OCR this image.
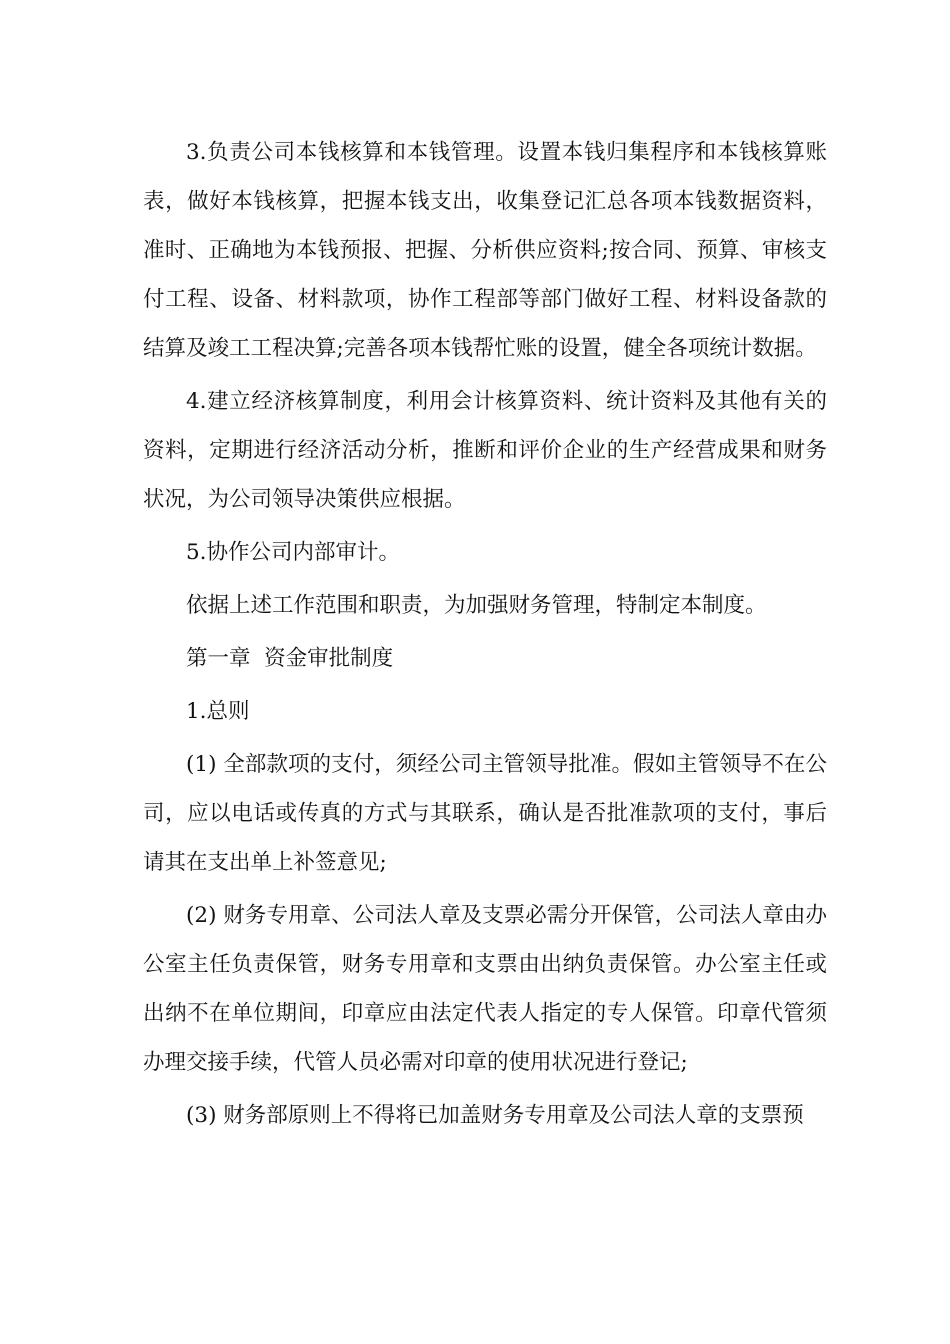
3.负责公司本钱核算和本钱管理。设置本钱归集程序和本钱核算账表，做好本钱核算，把握本钱支出，收集登记汇总各项本钱数据资料，准时、正确地为本钱预报、把握、分析供应资料;按合同、预算、审核支付工程、设备、材料款项，协作工程部等部门做好工程、材料设备款的结算及竣工工程决算;完善各项本钱帮忙账的设置，健全各项统计数据。

4.建立经济核算制度，利用会计核算资料、统计资料及其他有关的资料，定期进行经济活动分析，推断和评价企业的生产经营成果和财务状况，为公司领导决策供应根据。

5.协作公司内部审计。

依据上述工作范围和职责，为加强财务管理，特制定本制度。

第一章  资金审批制度

1.总则

(1) 全部款项的支付，须经公司主管领导批准。假如主管领导不在公司，应以电话或传真的方式与其联系，确认是否批准款项的支付，事后请其在支出单上补签意见;

(2) 财务专用章、公司法人章及支票必需分开保管，公司法人章由办公室主任负责保管，财务专用章和支票由出纳负责保管。办公室主任或出纳不在单位期间，印章应由法定代表人指定的专人保管。印章代管须办理交接手续，代管人员必需对印章的使用状况进行登记;

(3) 财务部原则上不得将已加盖财务专用章及公司法人章的支票预
